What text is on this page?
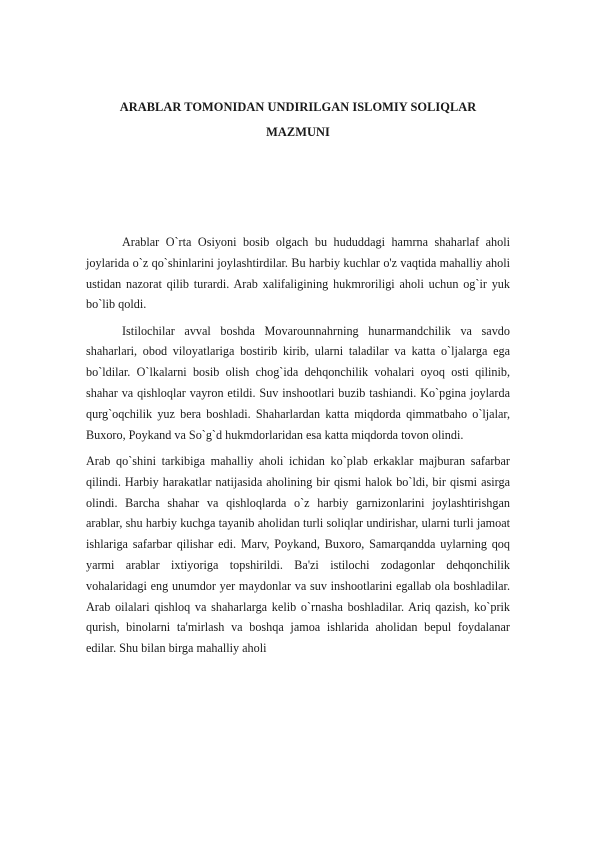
ARABLAR TOMONIDAN UNDIRILGAN ISLOMIY SOLIQLAR
MAZMUNI

Arablar O`rta Osiyoni bosib olgach bu hududdagi hamrna shaharlaf aholi joylarida o`z qo`shinlarini joylashtirdilar. Bu harbiy kuchlar o'z vaqtida mahalliy aholi ustidan nazorat qilib turardi. Arab xalifaligining hukmroriligi aholi uchun og`ir yuk bo`lib qoldi.

Istilochilar avval boshda Movarounnahrning hunarmandchilik va savdo shaharlari, obod viloyatlariga bostirib kirib, ularni taladilar va katta o`ljalarga ega bo`ldilar. O`lkalarni bosib olish chog`ida dehqonchilik vohalari oyoq osti qilinib, shahar va qishloqlar vayron etildi. Suv inshootlari buzib tashiandi. Ko`pgina joylarda qurg`oqchilik yuz bera boshladi. Shaharlardan katta miqdorda qimmatbaho o`ljalar, Buxoro, Poykand va So`g`d hukmdorlaridan esa katta miqdorda tovon olindi.

Arab qo`shini tarkibiga mahalliy aholi ichidan ko`plab erkaklar majburan safarbar qilindi. Harbiy harakatlar natijasida aholining bir qismi halok bo`ldi, bir qismi asirga olindi. Barcha shahar va qishloqlarda o`z harbiy garnizonlarini joylashtirishgan arablar, shu harbiy kuchga tayanib aholidan turli soliqlar undirishar, ularni turli jamoat ishlariga safarbar qilishar edi. Marv, Poykand, Buxoro, Samarqandda uylarning qoq yarmi arablar ixtiyoriga topshirildi. Ba'zi istilochi zodagonlar dehqonchilik vohalaridagi eng unumdor yer maydonlar va suv inshootlarini egallab ola boshladilar. Arab oilalari qishloq va shaharlarga kelib o`rnasha boshladilar. Ariq qazish, ko`prik qurish, binolarni ta'mirlash va boshqa jamoa ishlarida aholidan bepul foydalanar edilar. Shu bilan birga mahalliy aholi
